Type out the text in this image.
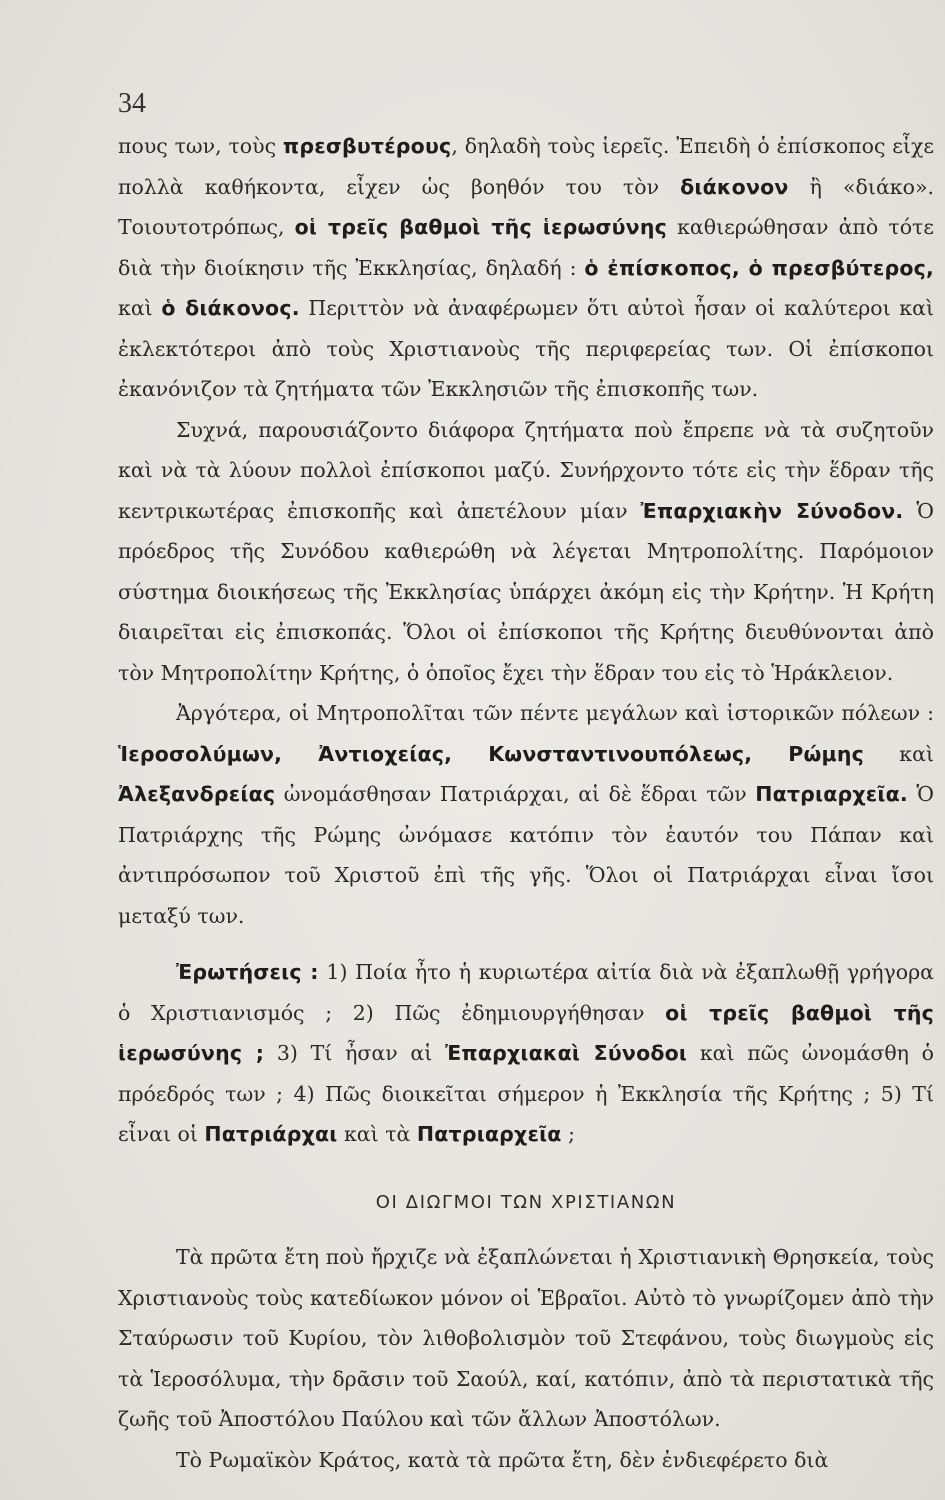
34

πους των, τοὺς πρεσβυτέρους, δηλαδὴ τοὺς ἱερεῖς. Ἐπειδὴ ὁ ἐπίσκοπος εἶχε πολλὰ καθήκοντα, εἶχεν ὡς βοηθόν του τὸν διάκονον ἢ «διάκο». Τοιουτοτρόπως, οἱ τρεῖς βαθμοὶ τῆς ἱερωσύνης καθιερώθησαν ἀπὸ τότε διὰ τὴν διοίκησιν τῆς Ἐκκλησίας, δηλαδή : ὁ ἐπίσκοπος, ὁ πρεσβύτερος, καὶ ὁ διάκονος. Περιττὸν νὰ ἀναφέρωμεν ὅτι αὐτοὶ ἦσαν οἱ καλύτεροι καὶ ἐκλεκτότεροι ἀπὸ τοὺς Χριστιανοὺς τῆς περιφερείας των. Οἱ ἐπίσκοποι ἐκανόνιζον τὰ ζητήματα τῶν Ἐκκλησιῶν τῆς ἐπισκοπῆς των.

Συχνά, παρουσιάζοντο διάφορα ζητήματα ποὺ ἔπρεπε νὰ τὰ συζητοῦν καὶ νὰ τὰ λύουν πολλοὶ ἐπίσκοποι μαζύ. Συνήρχοντο τότε εἰς τὴν ἕδραν τῆς κεντρικωτέρας ἐπισκοπῆς καὶ ἀπετέλουν μίαν Ἐπαρχιακὴν Σύνοδον. Ὁ πρόεδρος τῆς Συνόδου καθιερώθη νὰ λέγεται Μητροπολίτης. Παρόμοιον σύστημα διοικήσεως τῆς Ἐκκλησίας ὑπάρχει ἀκόμη εἰς τὴν Κρήτην. Ἡ Κρήτη διαιρεῖται εἰς ἐπισκοπάς. Ὅλοι οἱ ἐπίσκοποι τῆς Κρήτης διευθύνονται ἀπὸ τὸν Μητροπολίτην Κρήτης, ὁ ὁποῖος ἔχει τὴν ἕδραν του εἰς τὸ Ἡράκλειον.

Ἀργότερα, οἱ Μητροπολῖται τῶν πέντε μεγάλων καὶ ἱστορικῶν πόλεων : Ἱεροσολύμων, Ἀντιοχείας, Κωνσταντινουπόλεως, Ρώμης καὶ Ἀλεξανδρείας ὠνομάσθησαν Πατριάρχαι, αἱ δὲ ἕδραι τῶν Πατριαρχεῖα. Ὁ Πατριάρχης τῆς Ρώμης ὠνόμασε κατόπιν τὸν ἑαυτόν του Πάπαν καὶ ἀντιπρόσωπον τοῦ Χριστοῦ ἐπὶ τῆς γῆς. Ὅλοι οἱ Πατριάρχαι εἶναι ἴσοι μεταξύ των.

Ἐρωτήσεις : 1) Ποία ἦτο ἡ κυριωτέρα αἰτία διὰ νὰ ἐξαπλωθῇ γρήγορα ὁ Χριστιανισμός ; 2) Πῶς ἐδημιουργήθησαν οἱ τρεῖς βαθμοὶ τῆς ἱερωσύνης ; 3) Τί ἦσαν αἱ Ἐπαρχιακαὶ Σύνοδοι καὶ πῶς ὠνομάσθη ὁ πρόεδρός των ; 4) Πῶς διοικεῖται σήμερον ἡ Ἐκκλησία τῆς Κρήτης ; 5) Τί εἶναι οἱ Πατριάρχαι καὶ τὰ Πατριαρχεῖα ;

ΟΙ ΔΙΩΓΜΟΙ ΤΩΝ ΧΡΙΣΤΙΑΝΩΝ

Τὰ πρῶτα ἔτη ποὺ ἤρχιζε νὰ ἐξαπλώνεται ἡ Χριστιανικὴ Θρησκεία, τοὺς Χριστιανοὺς τοὺς κατεδίωκον μόνον οἱ Ἑβραῖοι. Αὐτὸ τὸ γνωρίζομεν ἀπὸ τὴν Σταύρωσιν τοῦ Κυρίου, τὸν λιθοβολισμὸν τοῦ Στεφάνου, τοὺς διωγμοὺς εἰς τὰ Ἱεροσόλυμα, τὴν δρᾶσιν τοῦ Σαούλ, καί, κατόπιν, ἀπὸ τὰ περιστατικὰ τῆς ζωῆς τοῦ Ἀποστόλου Παύλου καὶ τῶν ἄλλων Ἀποστόλων.

Τὸ Ρωμαϊκὸν Κράτος, κατὰ τὰ πρῶτα ἔτη, δὲν ἐνδιεφέρετο διὰ
